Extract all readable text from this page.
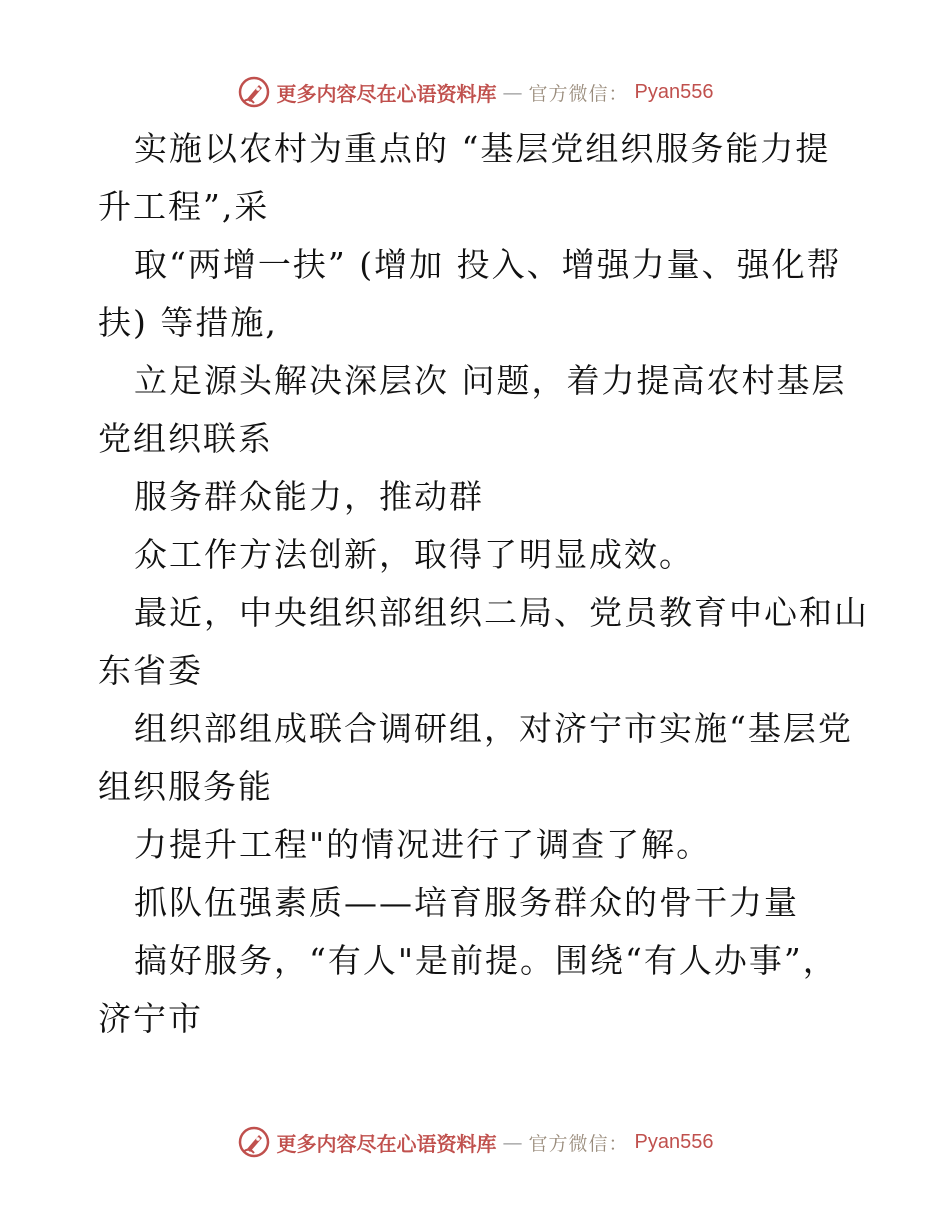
更多内容尽在心语资料库 — 官方微信： Pyan556
实施以农村为重点的 “基层党组织服务能力提
升工程”,采
取“两增一扶” (增加 投入、增强力量、强化帮
扶) 等措施,
立足源头解决深层次 问题，着力提高农村基层
党组织联系
服务群众能力，推动群
众工作方法创新，取得了明显成效。
最近，中央组织部组织二局、党员教育中心和山
东省委
组织部组成联合调研组，对济宁市实施“基层党
组织服务能
力提升工程"的情况进行了调查了解。
抓队伍强素质——培育服务群众的骨干力量
搞好服务，“有人"是前提。围绕“有人办事”，
济宁市
更多内容尽在心语资料库 — 官方微信： Pyan556
